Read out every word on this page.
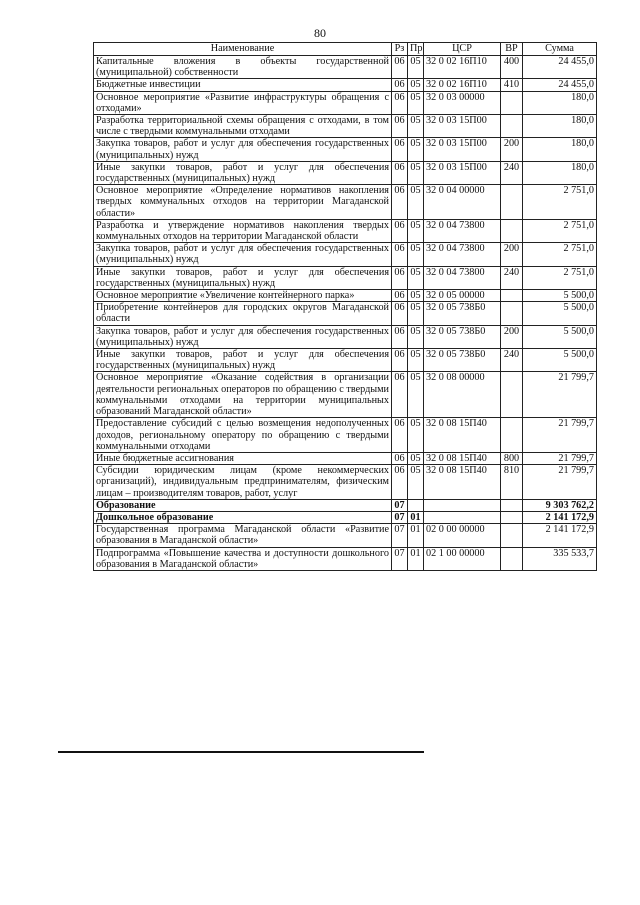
80
Наименование	Рз	Пр	ЦСР	ВР	Сумма
Капитальные вложения в объекты государственной (муниципальной) собственности	06	05	32 0 02 16П10	400	24 455,0
Бюджетные инвестиции	06	05	32 0 02 16П10	410	24 455,0
Основное мероприятие «Развитие инфраструктуры обращения с отходами»	06	05	32 0 03 00000		180,0
Разработка территориальной схемы обращения с отходами, в том числе с твердыми коммунальными отходами	06	05	32 0 03 15П00		180,0
Закупка товаров, работ и услуг для обеспечения государственных (муниципальных) нужд	06	05	32 0 03 15П00	200	180,0
Иные закупки товаров, работ и услуг для обеспечения государственных (муниципальных) нужд	06	05	32 0 03 15П00	240	180,0
Основное мероприятие «Определение нормативов накопления твердых коммунальных отходов на территории Магаданской области»	06	05	32 0 04 00000		2 751,0
Разработка и утверждение нормативов накопления твердых коммунальных отходов на территории Магаданской области	06	05	32 0 04 73800		2 751,0
Закупка товаров, работ и услуг для обеспечения государственных (муниципальных) нужд	06	05	32 0 04 73800	200	2 751,0
Иные закупки товаров, работ и услуг для обеспечения государственных (муниципальных) нужд	06	05	32 0 04 73800	240	2 751,0
Основное мероприятие «Увеличение контейнерного парка»	06	05	32 0 05 00000		5 500,0
Приобретение контейнеров для городских округов Магаданской области	06	05	32 0 05 738Б0		5 500,0
Закупка товаров, работ и услуг для обеспечения государственных (муниципальных) нужд	06	05	32 0 05 738Б0	200	5 500,0
Иные закупки товаров, работ и услуг для обеспечения государственных (муниципальных) нужд	06	05	32 0 05 738Б0	240	5 500,0
Основное мероприятие «Оказание содействия в организации деятельности региональных операторов по обращению с твердыми коммунальными отходами на территории муниципальных образований Магаданской области»	06	05	32 0 08 00000		21 799,7
Предоставление субсидий с целью возмещения недополученных доходов, региональному оператору по обращению с твердыми коммунальными отходами	06	05	32 0 08 15П40		21 799,7
Иные бюджетные ассигнования	06	05	32 0 08 15П40	800	21 799,7
Субсидии юридическим лицам (кроме некоммерческих организаций), индивидуальным предпринимателям, физическим лицам – производителям товаров, работ, услуг	06	05	32 0 08 15П40	810	21 799,7
Образование	07				9 303 762,2
Дошкольное образование	07	01			2 141 172,9
Государственная программа Магаданской области «Развитие образования в Магаданской области»	07	01	02 0 00 00000		2 141 172,9
Подпрограмма «Повышение качества и доступности дошкольного образования в Магаданской области»	07	01	02 1 00 00000		335 533,7
